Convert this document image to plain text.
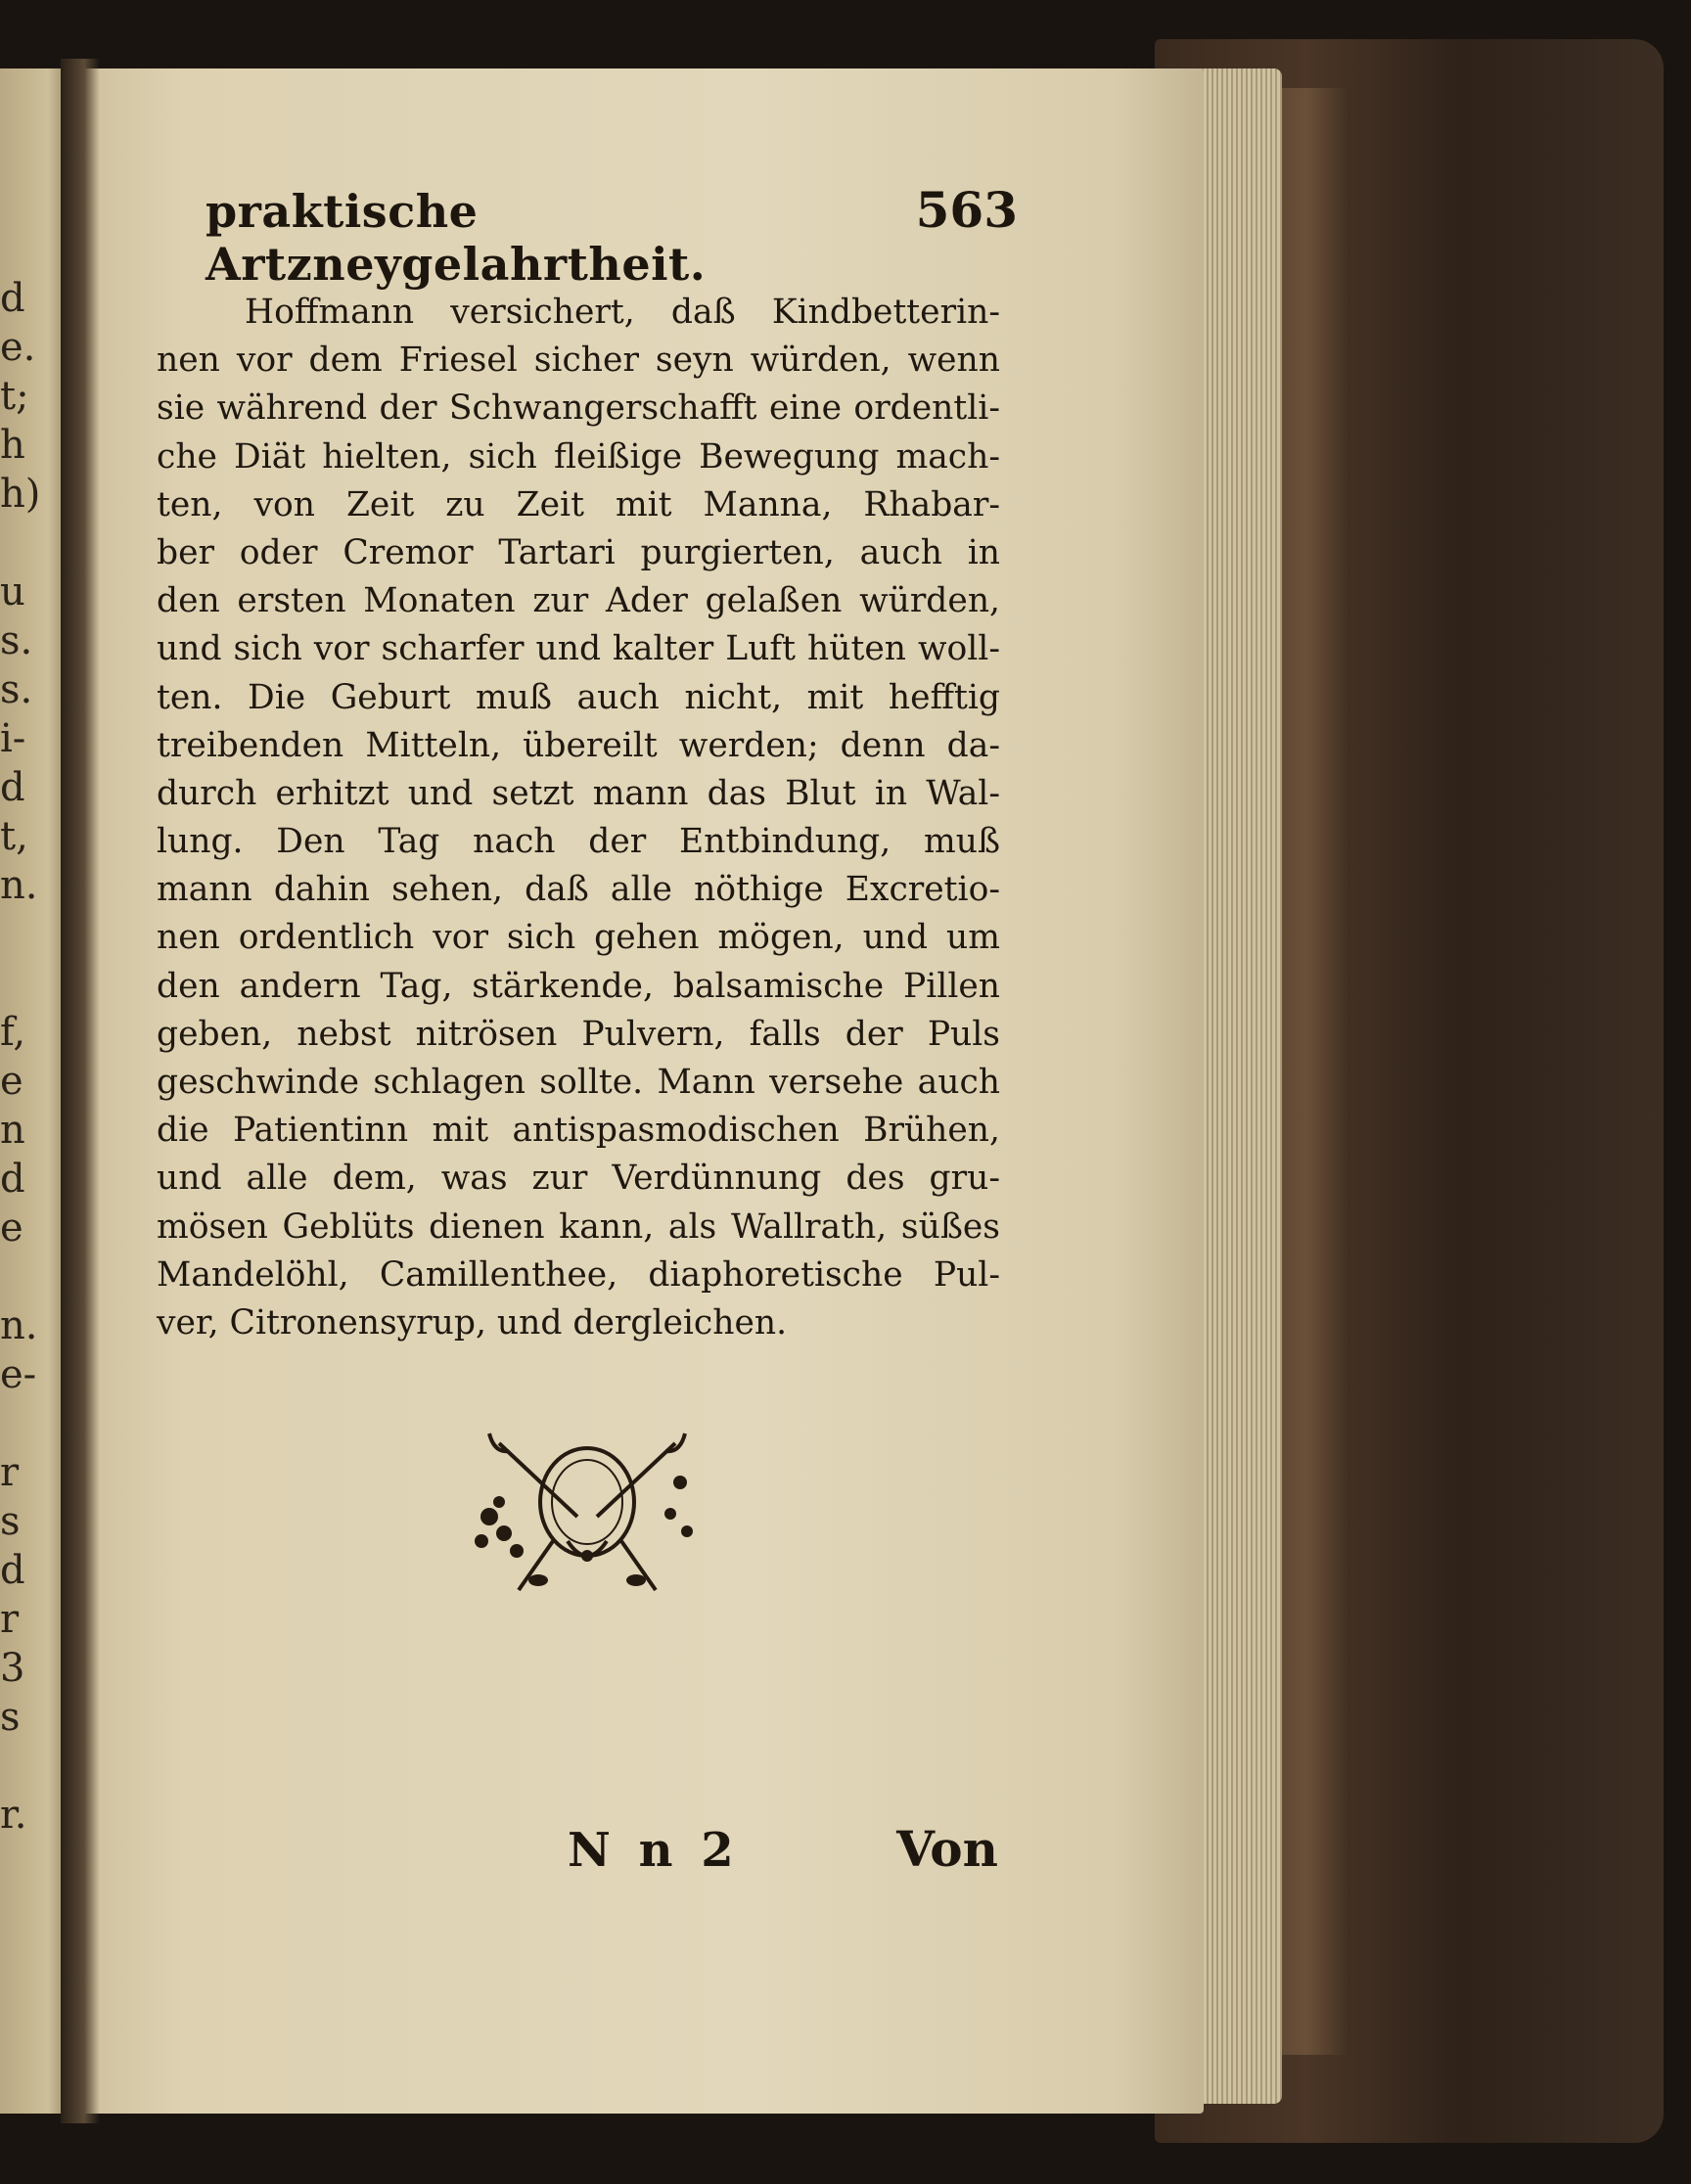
d
e.
t;
h
h)
u
s.
s.
i-
d
t,
n.
f,
e
n
d
e
n.
e-
r
s
d
r
3
s
r.
praktische Artzneygelahrtheit.
563
Hoffmann versichert, daß Kindbetterin-
nen vor dem Friesel sicher seyn würden, wenn
sie während der Schwangerschafft eine ordentli-
che Diät hielten, sich fleißige Bewegung mach-
ten, von Zeit zu Zeit mit Manna, Rhabar-
ber oder Cremor Tartari purgierten, auch in
den ersten Monaten zur Ader gelaßen würden,
und sich vor scharfer und kalter Luft hüten woll-
ten. Die Geburt muß auch nicht, mit hefftig
treibenden Mitteln, übereilt werden; denn da-
durch erhitzt und setzt mann das Blut in Wal-
lung. Den Tag nach der Entbindung, muß
mann dahin sehen, daß alle nöthige Excretio-
nen ordentlich vor sich gehen mögen, und um
den andern Tag, stärkende, balsamische Pillen
geben, nebst nitrösen Pulvern, falls der Puls
geschwinde schlagen sollte. Mann versehe auch
die Patientinn mit antispasmodischen Brühen,
und alle dem, was zur Verdünnung des gru-
mösen Geblüts dienen kann, als Wallrath, süßes
Mandelöhl, Camillenthee, diaphoretische Pul-
ver, Citronensyrup, und dergleichen.
N n 2	Von
